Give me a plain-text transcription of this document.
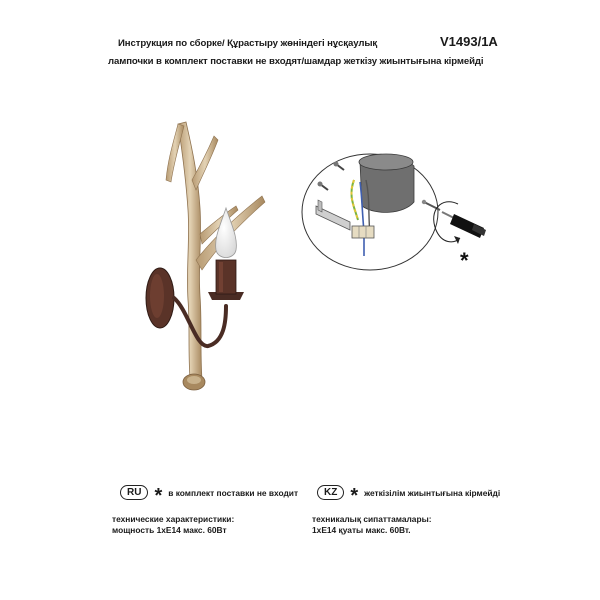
Инструкция по сборке/ Құрастыру жөніндегі нұсқаулық	V1493/1A
лампочки в комплект поставки не входят/шамдар жеткізу жиынтығына кірмейді
*
RU * в комплект поставки не входит
технические характеристики:
мощность 1xE14 макс. 60Вт
KZ * жеткізілім жиынтығына кірмейді
техникалық сипаттамалары:
1xE14 қуаты макс. 60Вт.
